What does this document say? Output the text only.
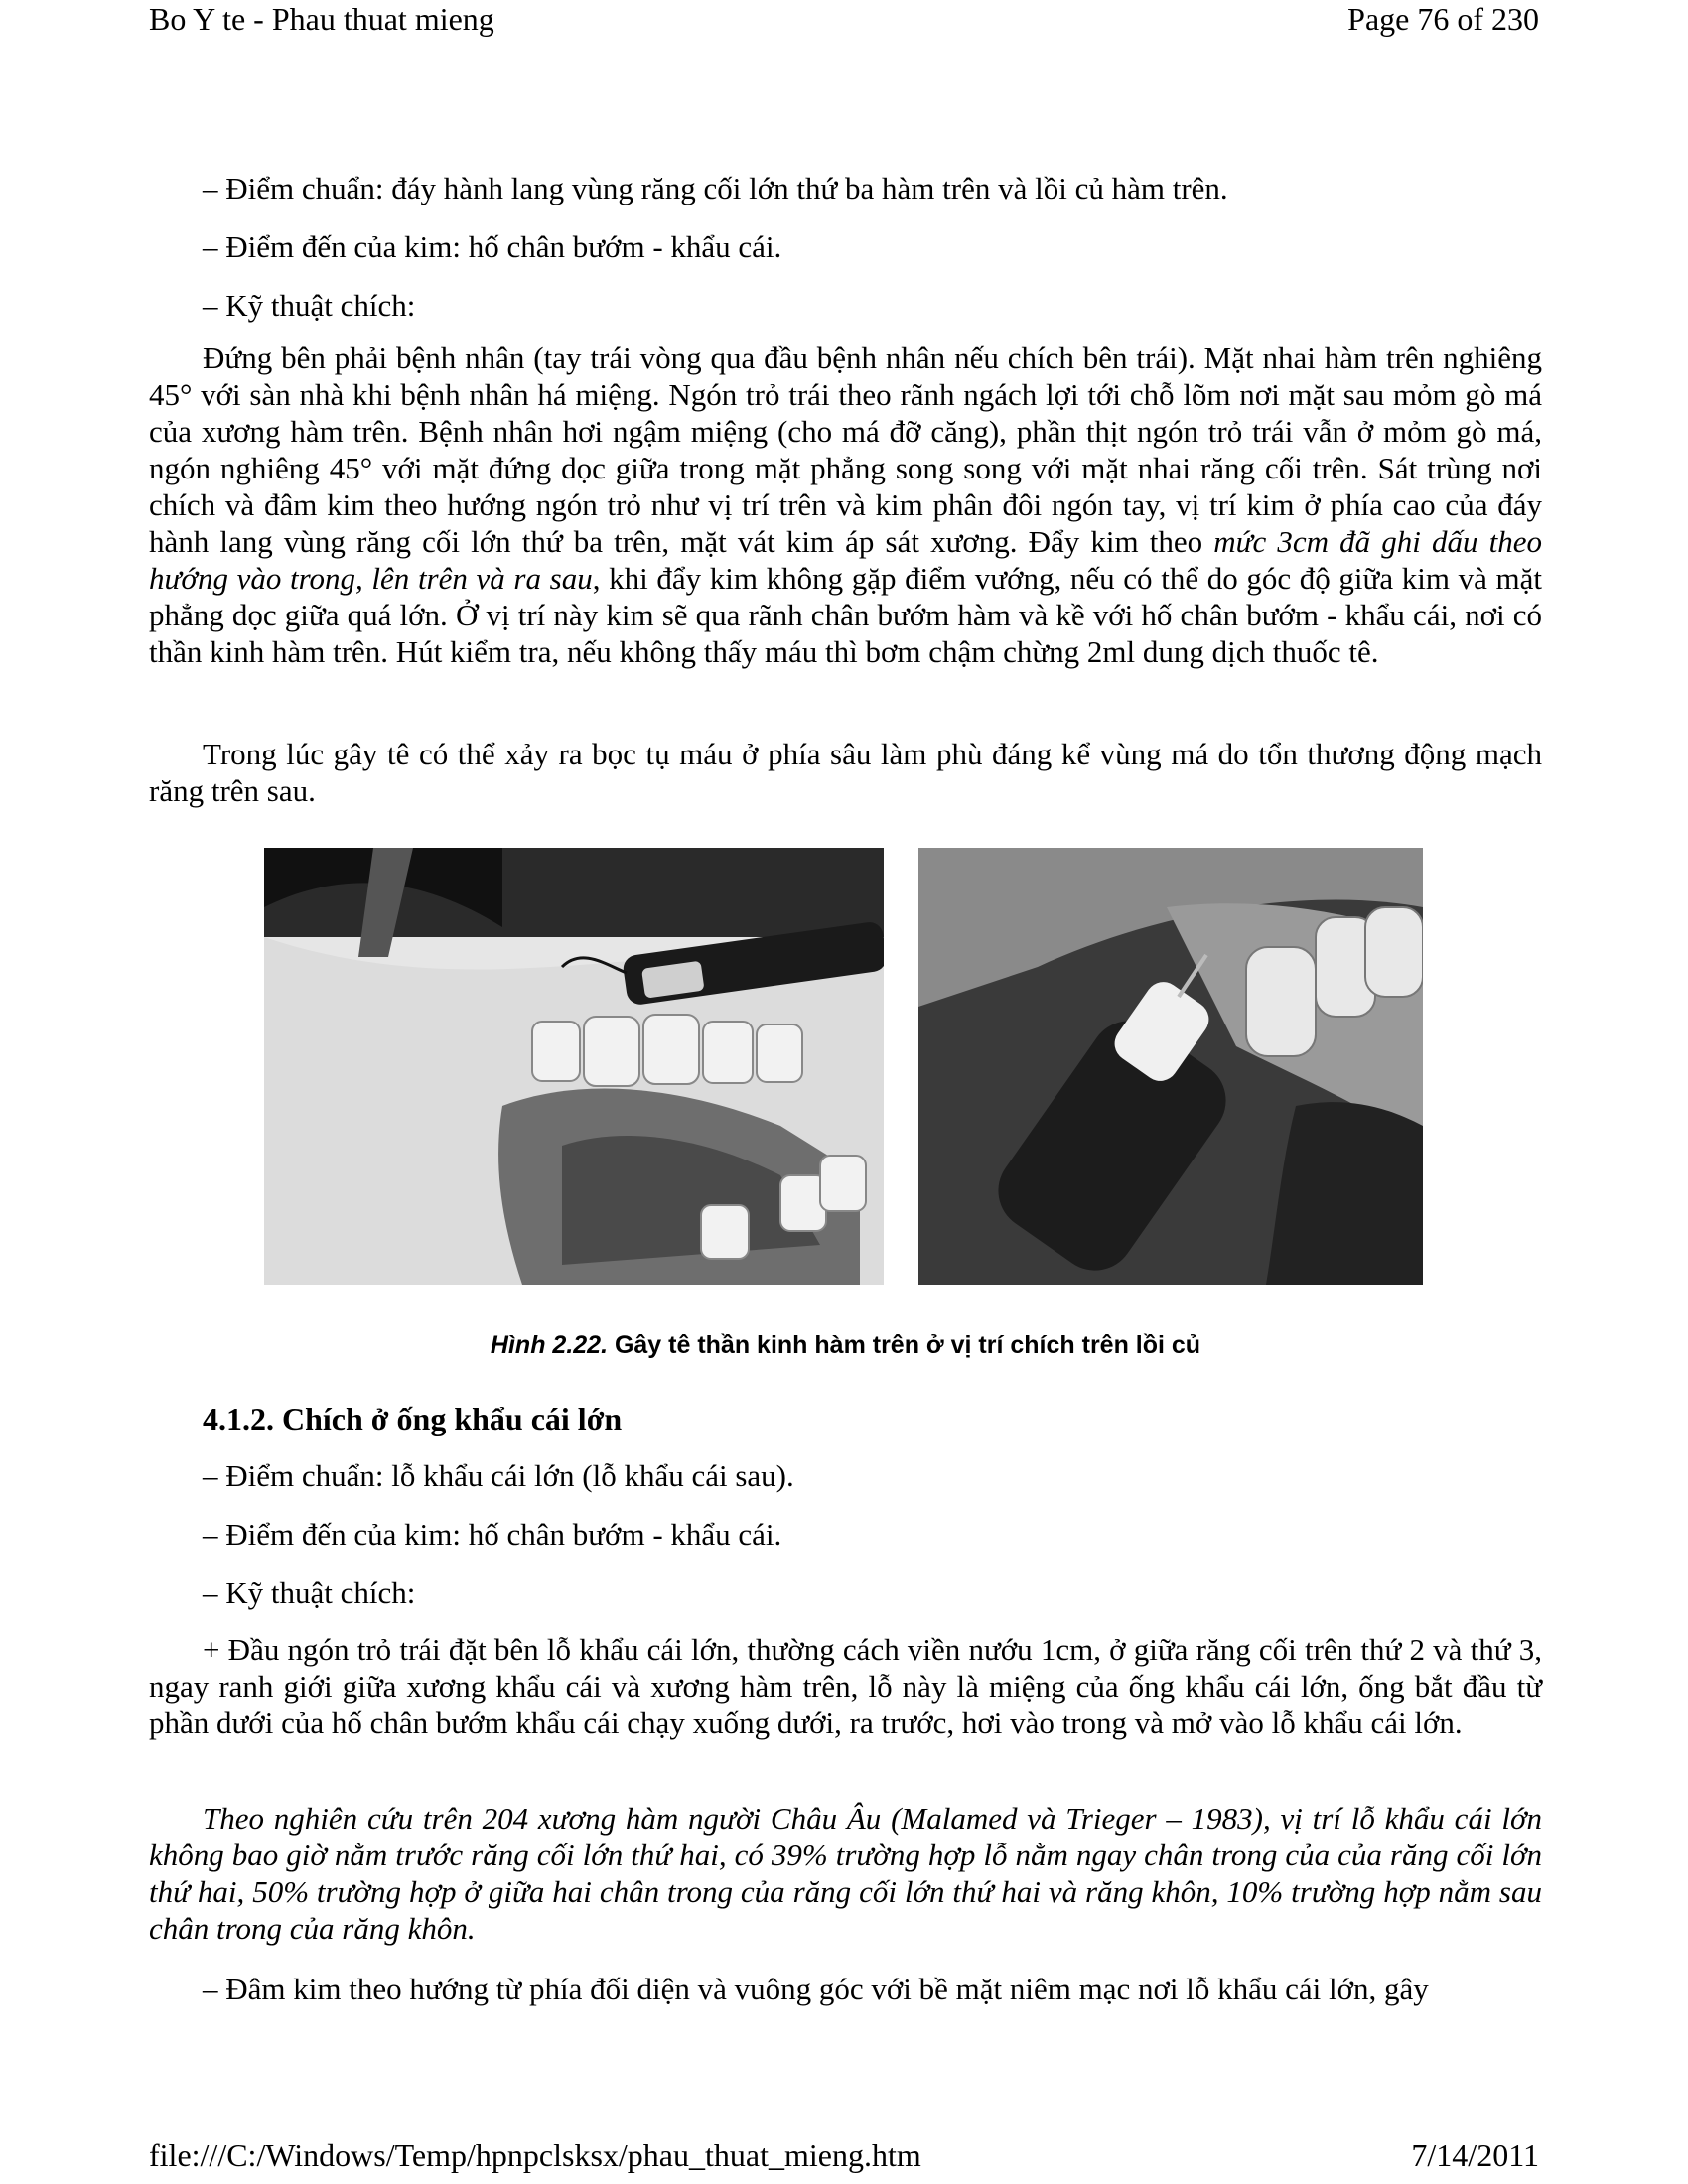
Bo Y te - Phau thuat mieng	Page 76 of 230
– Điểm chuẩn: đáy hành lang vùng răng cối lớn thứ ba hàm trên và lồi củ hàm trên.
– Điểm đến của kim: hố chân bướm - khẩu cái.
– Kỹ thuật chích:
Đứng bên phải bệnh nhân (tay trái vòng qua đầu bệnh nhân nếu chích bên trái). Mặt nhai hàm trên nghiêng 45° với sàn nhà khi bệnh nhân há miệng. Ngón trỏ trái theo rãnh ngách lợi tới chỗ lõm nơi mặt sau mỏm gò má của xương hàm trên. Bệnh nhân hơi ngậm miệng (cho má đỡ căng), phần thịt ngón trỏ trái vẫn ở mỏm gò má, ngón nghiêng 45° với mặt đứng dọc giữa trong mặt phẳng song song với mặt nhai răng cối trên. Sát trùng nơi chích và đâm kim theo hướng ngón trỏ như vị trí trên và kim phân đôi ngón tay, vị trí kim ở phía cao của đáy hành lang vùng răng cối lớn thứ ba trên, mặt vát kim áp sát xương. Đẩy kim theo mức 3cm đã ghi dấu theo hướng vào trong, lên trên và ra sau, khi đẩy kim không gặp điểm vướng, nếu có thể do góc độ giữa kim và mặt phẳng dọc giữa quá lớn. Ở vị trí này kim sẽ qua rãnh chân bướm hàm và kề với hố chân bướm - khẩu cái, nơi có thần kinh hàm trên. Hút kiểm tra, nếu không thấy máu thì bơm chậm chừng 2ml dung dịch thuốc tê.
Trong lúc gây tê có thể xảy ra bọc tụ máu ở phía sâu làm phù đáng kể vùng má do tổn thương động mạch răng trên sau.
Hình 2.22. Gây tê thần kinh hàm trên ở vị trí chích trên lồi củ
4.1.2. Chích ở ống khẩu cái lớn
– Điểm chuẩn: lỗ khẩu cái lớn (lỗ khẩu cái sau).
– Điểm đến của kim: hố chân bướm - khẩu cái.
– Kỹ thuật chích:
+ Đầu ngón trỏ trái đặt bên lỗ khẩu cái lớn, thường cách viền nướu 1cm, ở giữa răng cối trên thứ 2 và thứ 3, ngay ranh giới giữa xương khẩu cái và xương hàm trên, lỗ này là miệng của ống khẩu cái lớn, ống bắt đầu từ phần dưới của hố chân bướm khẩu cái chạy xuống dưới, ra trước, hơi vào trong và mở vào lỗ khẩu cái lớn.
Theo nghiên cứu trên 204 xương hàm người Châu Âu (Malamed và Trieger – 1983), vị trí lỗ khẩu cái lớn không bao giờ nằm trước răng cối lớn thứ hai, có 39% trường hợp lỗ nằm ngay chân trong của của răng cối lớn thứ hai, 50% trường hợp ở giữa hai chân trong của răng cối lớn thứ hai và răng khôn, 10% trường hợp nằm sau chân trong của răng khôn.
– Đâm kim theo hướng từ phía đối diện và vuông góc với bề mặt niêm mạc nơi lỗ khẩu cái lớn, gây
file:///C:/Windows/Temp/hpnpclsksx/phau_thuat_mieng.htm	7/14/2011
